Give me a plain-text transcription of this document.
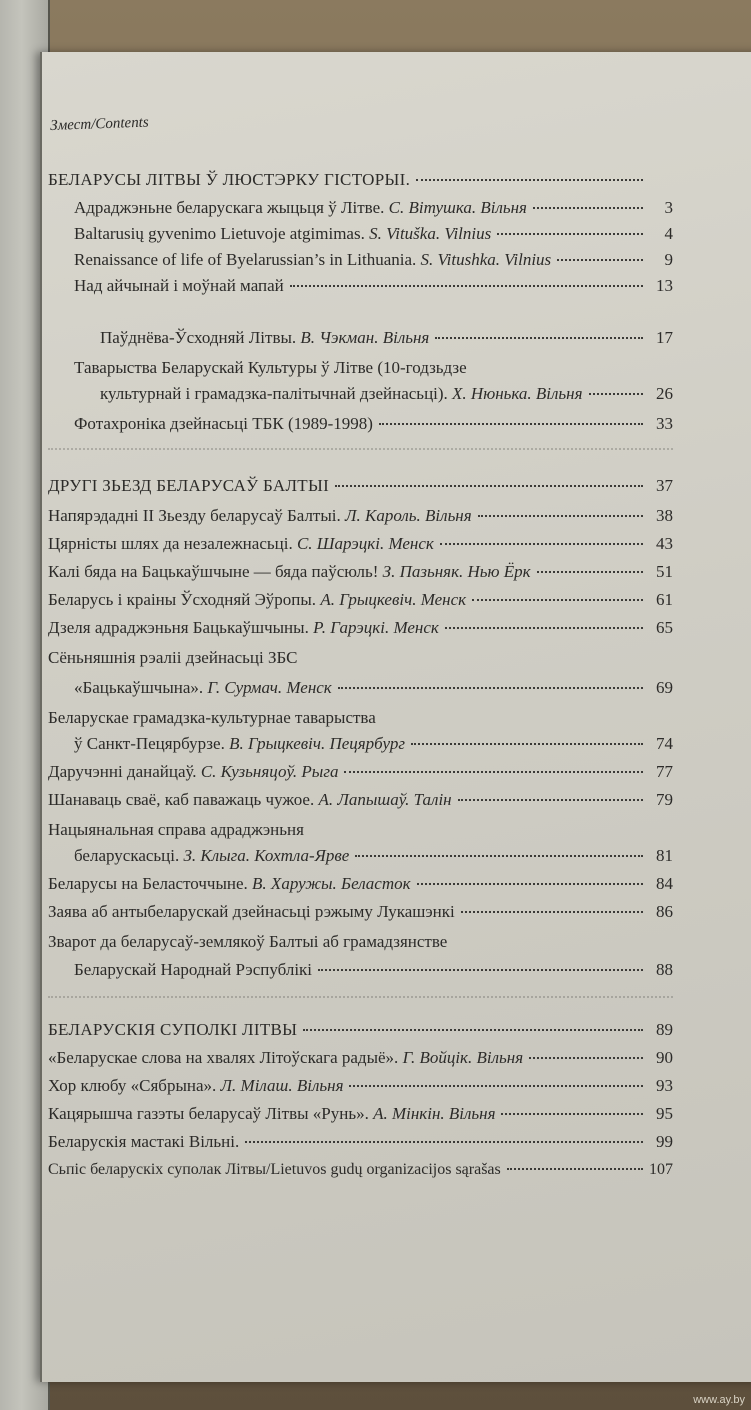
Змест/Contents
БЕЛАРУСЫ ЛІТВЫ Ў ЛЮСТЭРКУ ГІСТОРЫІ.
Адраджэньне беларускага жыцьця ў Літве. С. Вітушка. Вільня	3
Baltarusių gyvenimo Lietuvoje atgimimas. S. Vituška. Vilnius	4
Renaissance of life of Byelarussian’s in Lithuania. S. Vitushka. Vilnius	9
Над айчынай і моўнай мапай	13
Паўднёва-Ўсходняй Літвы. В. Чэкман. Вільня	17
Таварыства Беларускай Культуры ў Літве (10-годзьдзе
культурнай і грамадзка-палітычнай дзейнасьці). Х. Нюнька. Вільня	26
Фотахроніка дзейнасьці ТБК (1989-1998)	33
ДРУГІ ЗЬЕЗД БЕЛАРУСАЎ БАЛТЫІ	37
Напярэдадні II Зьезду беларусаў Балтыі. Л. Кароль. Вільня	38
Цярністы шлях да незалежнасьці. С. Шарэцкі. Менск	43
Калі бяда на Бацькаўшчыне — бяда паўсюль! З. Пазьняк. Нью Ёрк	51
Беларусь і краіны Ўсходняй Эўропы. А. Грыцкевіч. Менск	61
Дзеля адраджэньня Бацькаўшчыны. Р. Гарэцкі. Менск	65
Сёньняшнія рэаліі дзейнасьці ЗБС
«Бацькаўшчына». Г. Сурмач. Менск	69
Беларускае грамадзка-культурнае таварыства
ў Санкт-Пецярбурзе. В. Грыцкевіч. Пецярбург	74
Даручэнні данайцаў. С. Кузьняцоў. Рыга	77
Шанаваць сваё, каб паважаць чужое. А. Лапышаў. Талін	79
Нацыянальная справа адраджэньня
беларускасьці. З. Клыга. Кохтла-Ярве	81
Беларусы на Беласточчыне. В. Харужы. Беласток	84
Заява аб антыбеларускай дзейнасьці рэжыму Лукашэнкі	86
Зварот да беларусаў-землякоў Балтыі аб грамадзянстве
Беларускай Народнай Рэспублікі	88
БЕЛАРУСКІЯ СУПОЛКІ ЛІТВЫ	89
«Беларускае слова на хвалях Літоўскага радыё». Г. Войцік. Вільня	90
Хор клюбу «Сябрына». Л. Мілаш. Вільня	93
Кацярышча газэты беларусаў Літвы «Рунь». А. Мінкін. Вільня	95
Беларускія мастакі Вільні.	99
Сьпіс беларускіх суполак Літвы/Lietuvos gudų organizacijos sąrašas	107
www.ay.by
